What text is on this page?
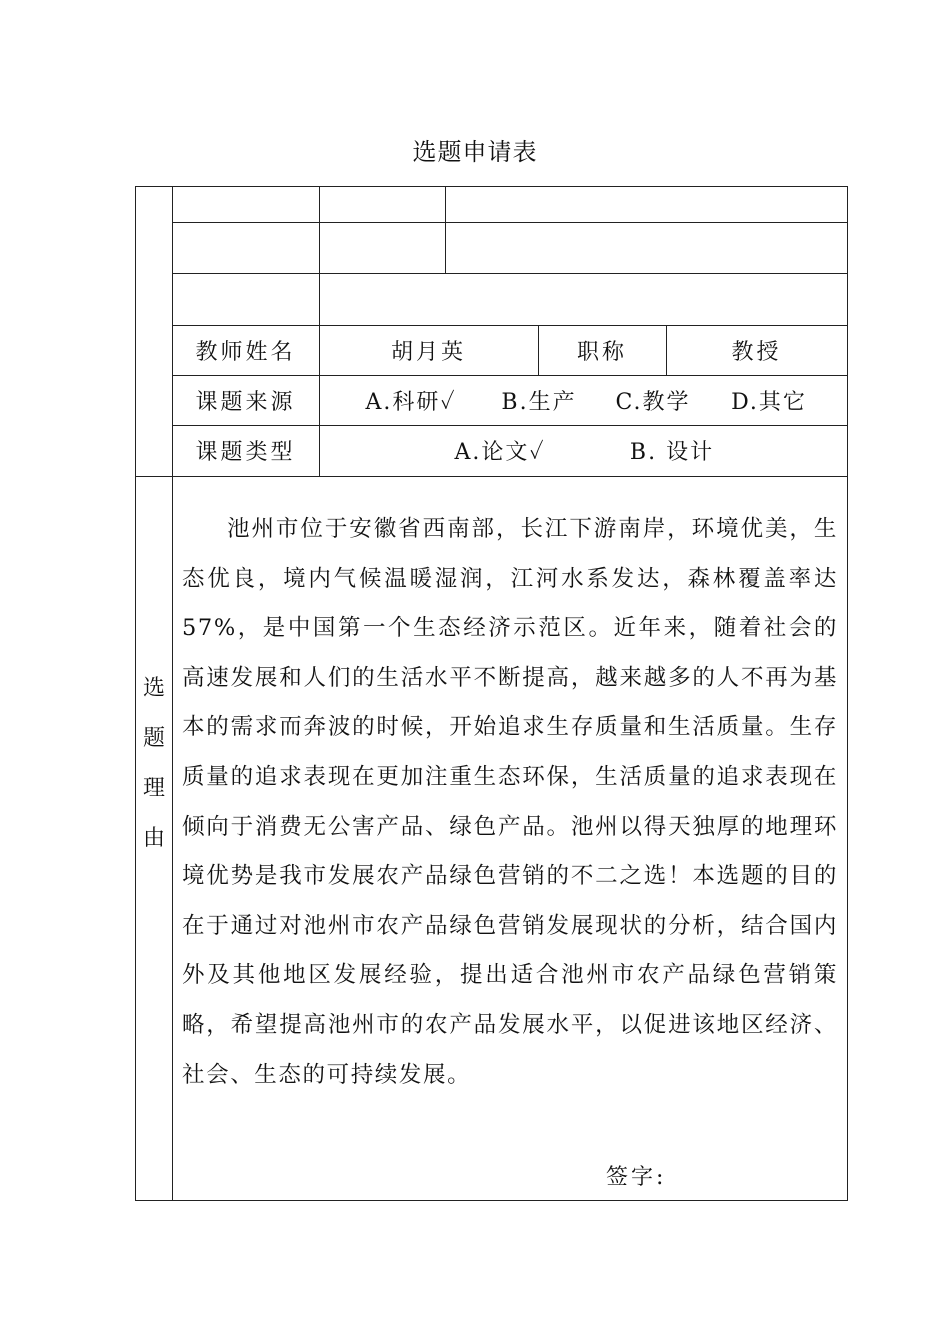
选题申请表
教师姓名	胡月英	职称	教授
课题来源	A.科研✓	B.生产	C.教学	D.其它
课题类型	A.论文✓	B. 设计
选
题
理
由

池州市位于安徽省西南部，长江下游南岸，环境优美，生态优良，境内气候温暖湿润，江河水系发达，森林覆盖率达57%，是中国第一个生态经济示范区。近年来，随着社会的高速发展和人们的生活水平不断提高，越来越多的人不再为基本的需求而奔波的时候，开始追求生存质量和生活质量。生存质量的追求表现在更加注重生态环保，生活质量的追求表现在倾向于消费无公害产品、绿色产品。池州以得天独厚的地理环境优势是我市发展农产品绿色营销的不二之选！本选题的目的在于通过对池州市农产品绿色营销发展现状的分析，结合国内外及其他地区发展经验，提出适合池州市农产品绿色营销策略，希望提高池州市的农产品发展水平，以促进该地区经济、社会、生态的可持续发展。

签字:
